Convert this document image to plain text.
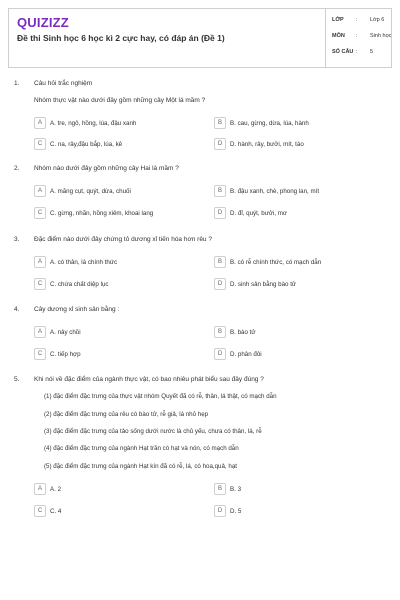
QUIZIZZ
Đề thi Sinh học 6 học kì 2 cực hay, có đáp án (Đề 1)
LỚP : Lớp 6
MÔN : Sinh học
SỐ CÂU : 5
1. Câu hỏi trắc nghiệm
Nhóm thực vật nào dưới đây gồm những cây Một lá mầm ?
A	A. tre, ngô, hồng, lúa, đậu xanh	B	B. cau, gừng, dừa, lúa, hành
C	C. na, rây,đậu bắp, lúa, kê	D	D. hành, rây, bưởi, mít, táo
2. Nhóm nào dưới đây gồm những cây Hai lá mầm ?
A	A. măng cụt, quýt, dừa, chuối	B	B. đậu xanh, chè, phong lan, mít
C	C. gừng, nhãn, hồng xiêm, khoai lang	D	D. đỉ, quýt, bưởi, mơ
3. Đặc điểm nào dưới đây chứng tỏ dương xỉ tiến hóa hơn rêu ?
A	A. có thân, lá chính thức	B	B. có rễ chính thức, có mạch dẫn
C	C. chứa chất diệp lục	D	D. sinh sản bằng bào tử
4. Cây dương xỉ sinh sản bằng :
A	A. nảy chồi	B	B. bào tử
C	C. tiếp hợp	D	D. phân đôi
5. Khi nói về đặc điểm của ngành thực vật, có bao nhiêu phát biểu sau đây đúng ?
(1) đặc điểm đặc trưng của thực vật nhóm Quyết đã có rễ, thân, lá thật, có mạch dẫn
(2) đặc điểm đặc trưng của rêu có bào tử, rễ giả, lá nhỏ hẹp
(3) đặc điểm đặc trưng của tảo sống dưới nước là chủ yếu, chưa có thân, lá, rễ
(4) đặc điểm đặc trưng của ngành Hạt trần có hạt và nón, có mạch dẫn
(5) đặc điểm đặc trưng của ngành Hạt kín đã có rễ, lá, có hoa,quả, hạt
A	A. 2	B	B. 3
C	C. 4	D	D. 5
